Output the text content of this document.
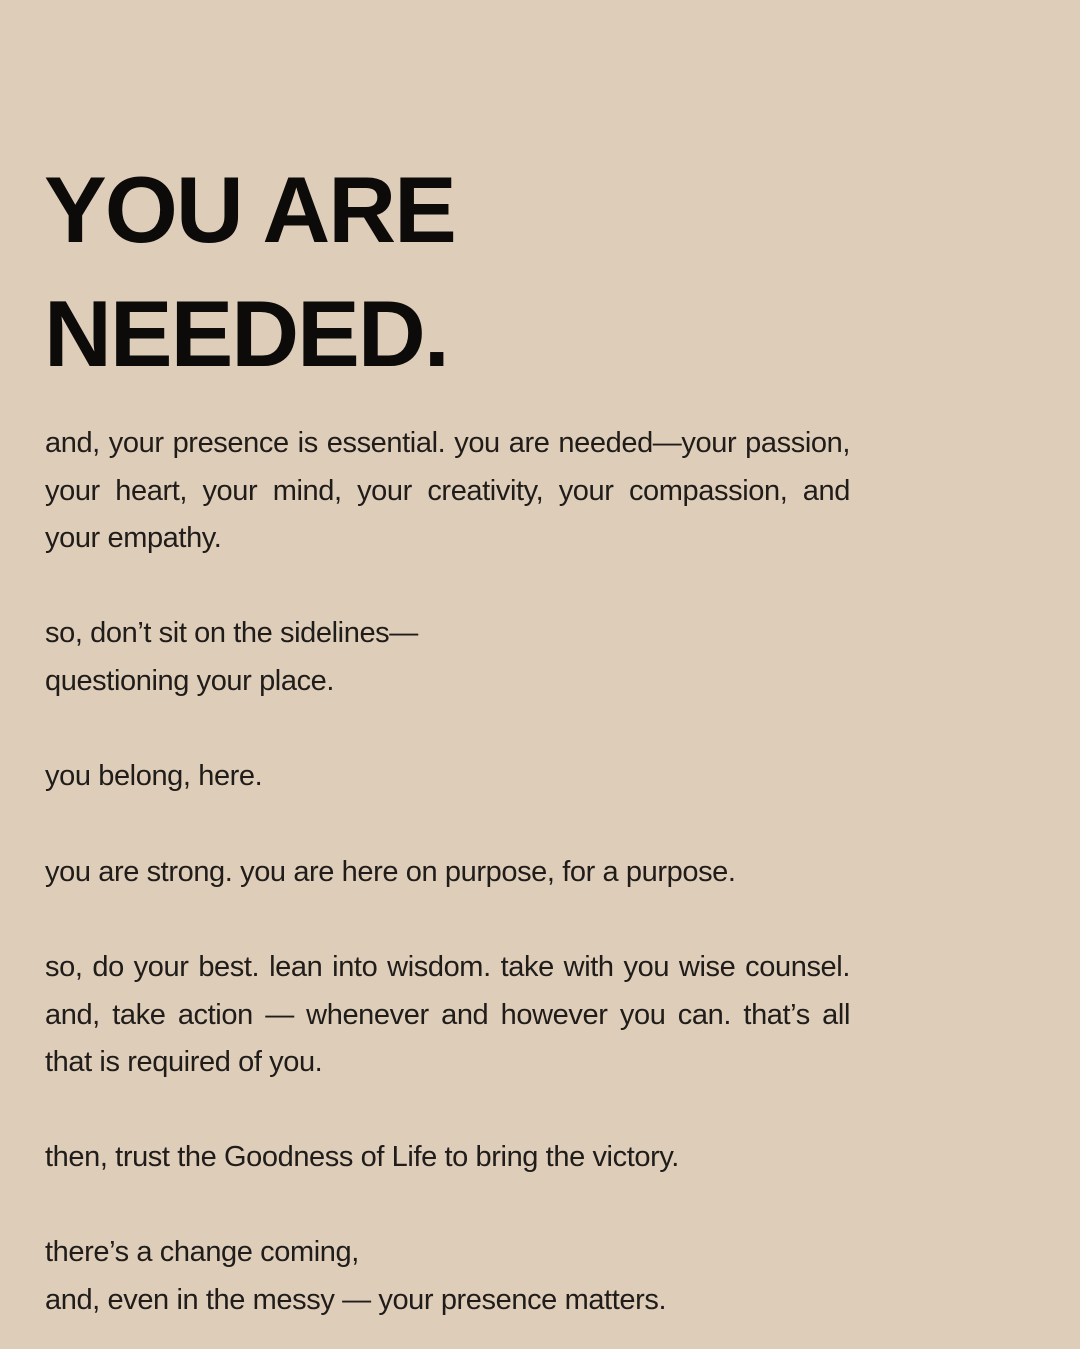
YOU ARE
NEEDED.

and, your presence is essential. you are needed—your passion, your heart, your mind, your creativity, your compassion, and your empathy.

so, don’t sit on the sidelines—
questioning your place.

you belong, here.

you are strong. you are here on purpose, for a purpose.

so, do your best. lean into wisdom. take with you wise counsel. and, take action — whenever and however you can. that’s all that is required of you.

then, trust the Goodness of Life to bring the victory.

there’s a change coming,
and, even in the messy — your presence matters.
